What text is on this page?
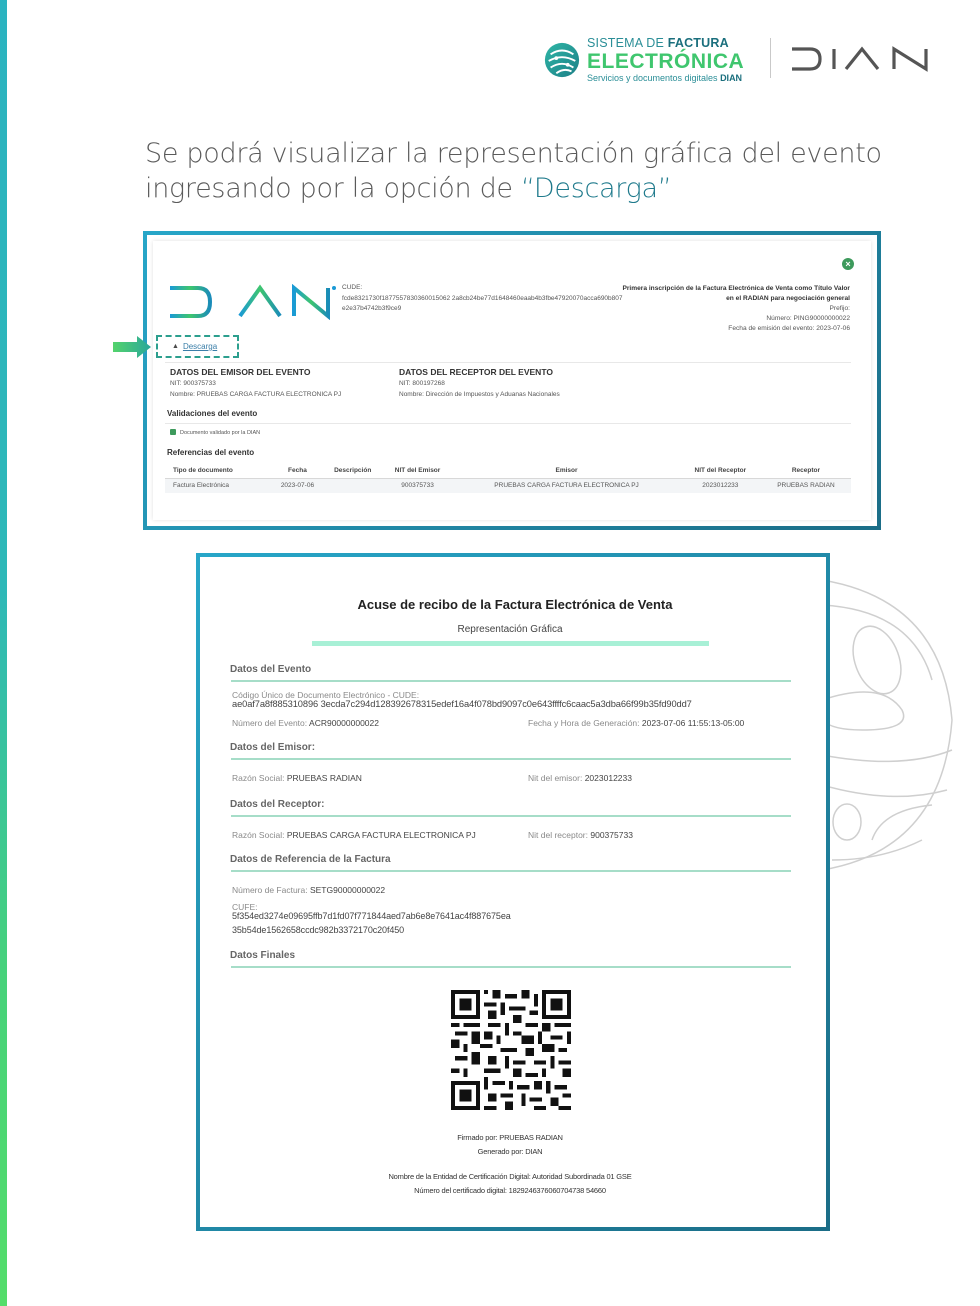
SISTEMA DE FACTURA
ELECTRÓNICA
Servicios y documentos digitales DIAN
Se podrá visualizar la representación gráfica del evento
ingresando por la opción de “Descarga”
×
CUDE:
fcde8321730f1877557830360015062 2a8cb24be77d1648460eaab4b3fbe47920070acca690b807
e2e37b4742b3f9ce9
Primera inscripción de la Factura Electrónica de Venta como Título Valor
en el RADIAN para negociación general
Prefijo:
Número: PING90000000022
Fecha de emisión del evento: 2023-07-06
▲ Descarga
DATOS DEL EMISOR DEL EVENTO
NIT: 900375733
Nombre: PRUEBAS CARGA FACTURA ELECTRONICA PJ
DATOS DEL RECEPTOR DEL EVENTO
NIT: 800197268
Nombre: Dirección de Impuestos y Aduanas Nacionales
Validaciones del evento
Documento validado por la DIAN
Referencias del evento
Tipo de documento	Fecha	Descripción	NIT del Emisor	Emisor	NIT del Receptor	Receptor
Factura Electrónica	2023-07-06		900375733	PRUEBAS CARGA FACTURA ELECTRONICA PJ	2023012233	PRUEBAS RADIAN
Acuse de recibo de la Factura Electrónica de Venta
Representación Gráfica
Datos del Evento
Código Único de Documento Electrónico - CUDE:
ae0af7a8f885310896 3ecda7c294d128392678315edef16a4f078bd9097c0e643ffffc6caac5a3dba66f99b35fd90dd7
Número del Evento: ACR90000000022	Fecha y Hora de Generación: 2023-07-06 11:55:13-05:00
Datos del Emisor:
Razón Social: PRUEBAS RADIAN	Nit del emisor: 2023012233
Datos del Receptor:
Razón Social: PRUEBAS CARGA FACTURA ELECTRONICA PJ	Nit del receptor: 900375733
Datos de Referencia de la Factura
Número de Factura: SETG90000000022
CUFE:
5f354ed3274e09695ffb7d1fd07f771844aed7ab6e8e7641ac4f887675ea
35b54de1562658ccdc982b3372170c20f450
Datos Finales
Firmado por: PRUEBAS RADIAN
Generado por: DIAN
Nombre de la Entidad de Certificación Digital: Autoridad Subordinada 01 GSE
Número del certificado digital: 1829246376060704738 54660
